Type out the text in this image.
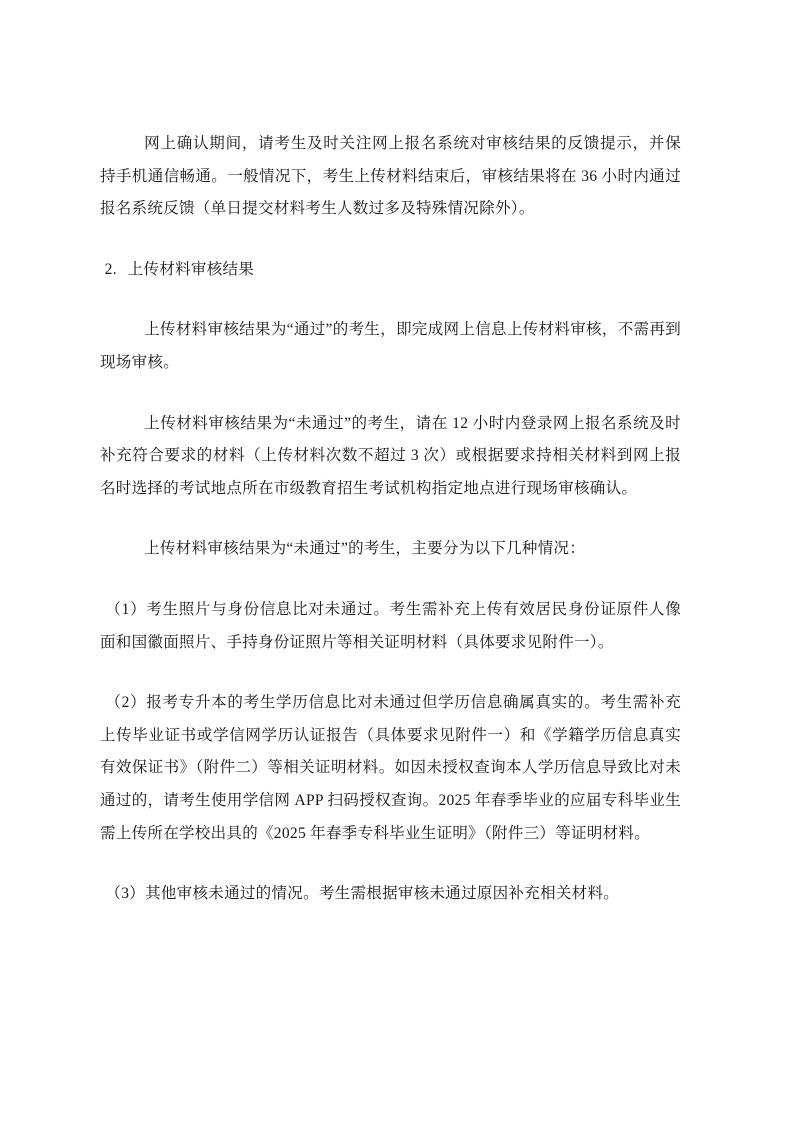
网上确认期间，请考生及时关注网上报名系统对审核结果的反馈提示，并保持手机通信畅通。一般情况下，考生上传材料结束后，审核结果将在 36 小时内通过报名系统反馈（单日提交材料考生人数过多及特殊情况除外）。

2. 上传材料审核结果

上传材料审核结果为“通过”的考生，即完成网上信息上传材料审核，不需再到现场审核。

上传材料审核结果为“未通过”的考生，请在 12 小时内登录网上报名系统及时补充符合要求的材料（上传材料次数不超过 3 次）或根据要求持相关材料到网上报名时选择的考试地点所在市级教育招生考试机构指定地点进行现场审核确认。

上传材料审核结果为“未通过”的考生，主要分为以下几种情况：

（1）考生照片与身份信息比对未通过。考生需补充上传有效居民身份证原件人像面和国徽面照片、手持身份证照片等相关证明材料（具体要求见附件一）。

（2）报考专升本的考生学历信息比对未通过但学历信息确属真实的。考生需补充上传毕业证书或学信网学历认证报告（具体要求见附件一）和《学籍学历信息真实有效保证书》（附件二）等相关证明材料。如因未授权查询本人学历信息导致比对未通过的，请考生使用学信网 APP 扫码授权查询。2025 年春季毕业的应届专科毕业生需上传所在学校出具的《2025 年春季专科毕业生证明》（附件三）等证明材料。

（3）其他审核未通过的情况。考生需根据审核未通过原因补充相关材料。
